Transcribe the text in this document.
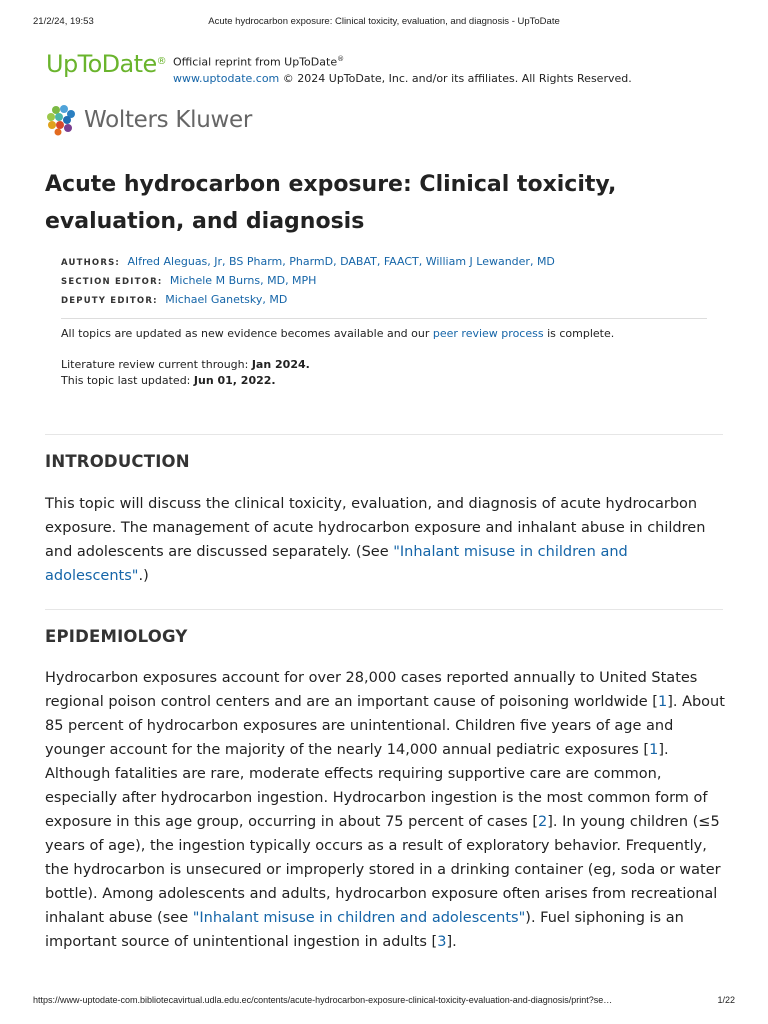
21/2/24, 19:53	Acute hydrocarbon exposure: Clinical toxicity, evaluation, and diagnosis - UpToDate
UpToDate® Official reprint from UpToDate®
www.uptodate.com © 2024 UpToDate, Inc. and/or its affiliates. All Rights Reserved.
Wolters Kluwer
Acute hydrocarbon exposure: Clinical toxicity, evaluation, and diagnosis
AUTHORS: Alfred Aleguas, Jr, BS Pharm, PharmD, DABAT, FAACT, William J Lewander, MD
SECTION EDITOR: Michele M Burns, MD, MPH
DEPUTY EDITOR: Michael Ganetsky, MD
All topics are updated as new evidence becomes available and our peer review process is complete.
Literature review current through: Jan 2024.
This topic last updated: Jun 01, 2022.
INTRODUCTION

This topic will discuss the clinical toxicity, evaluation, and diagnosis of acute hydrocarbon exposure. The management of acute hydrocarbon exposure and inhalant abuse in children and adolescents are discussed separately. (See "Inhalant misuse in children and adolescents".)

EPIDEMIOLOGY

Hydrocarbon exposures account for over 28,000 cases reported annually to United States regional poison control centers and are an important cause of poisoning worldwide [1]. About 85 percent of hydrocarbon exposures are unintentional. Children five years of age and younger account for the majority of the nearly 14,000 annual pediatric exposures [1]. Although fatalities are rare, moderate effects requiring supportive care are common, especially after hydrocarbon ingestion. Hydrocarbon ingestion is the most common form of exposure in this age group, occurring in about 75 percent of cases [2]. In young children (≤5 years of age), the ingestion typically occurs as a result of exploratory behavior. Frequently, the hydrocarbon is unsecured or improperly stored in a drinking container (eg, soda or water bottle). Among adolescents and adults, hydrocarbon exposure often arises from recreational inhalant abuse (see "Inhalant misuse in children and adolescents"). Fuel siphoning is an important source of unintentional ingestion in adults [3].

https://www-uptodate-com.bibliotecavirtual.udla.edu.ec/contents/acute-hydrocarbon-exposure-clinical-toxicity-evaluation-and-diagnosis/print?se…	1/22
